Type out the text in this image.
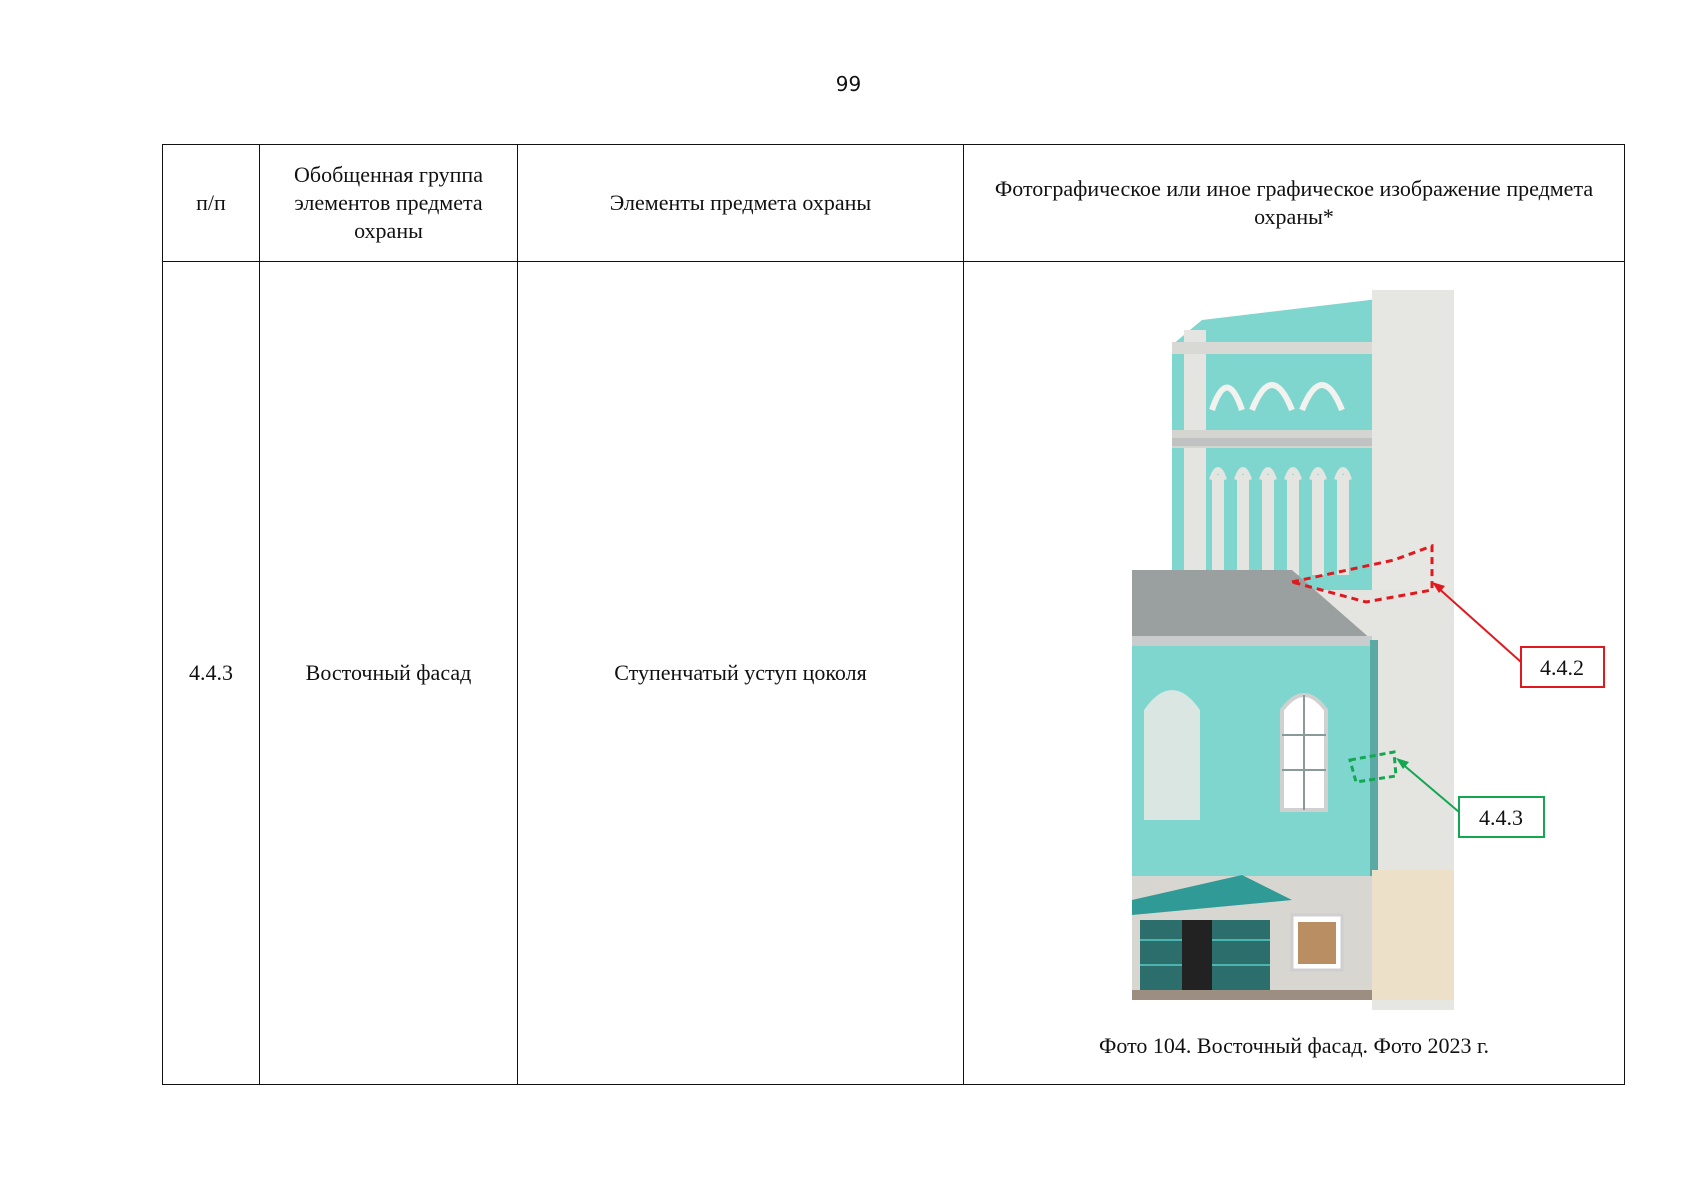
99
п/п	Обобщенная группа элементов предмета охраны	Элементы предмета охраны	Фотографическое или иное графическое изображение предмета охраны*
4.4.3	Восточный фасад	Ступенчатый уступ цоколя	4.4.2
4.4.3
Фото 104. Восточный фасад. Фото 2023 г.
